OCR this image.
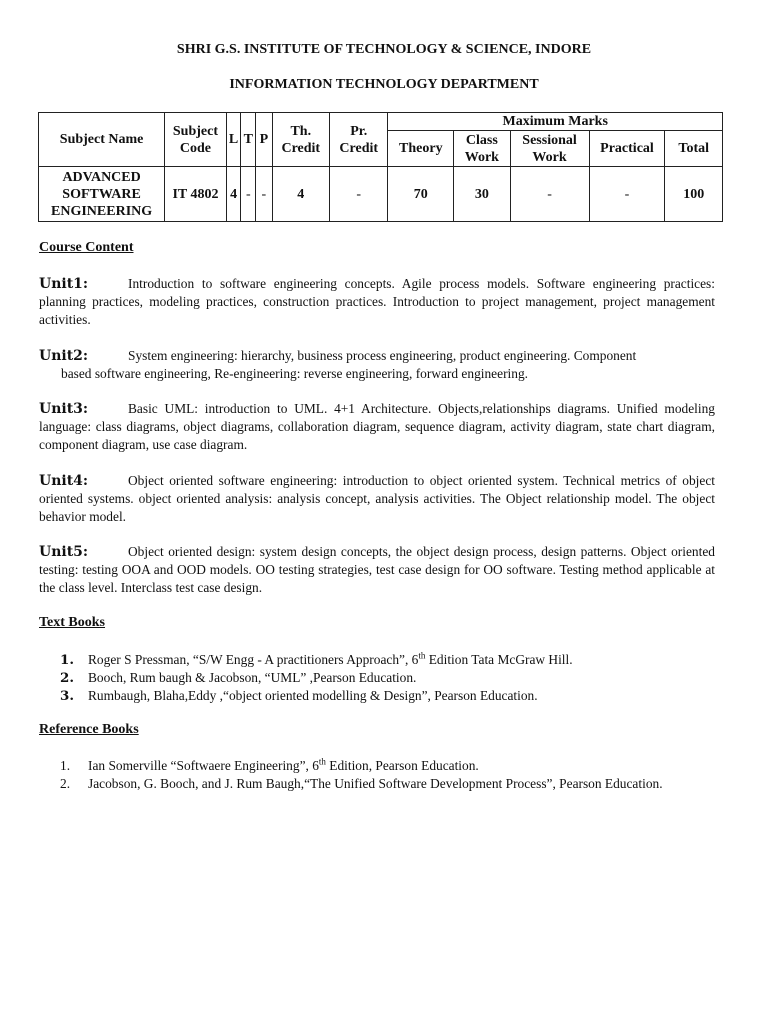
SHRI G.S. INSTITUTE OF TECHNOLOGY & SCIENCE, INDORE
INFORMATION TECHNOLOGY DEPARTMENT
Subject Name	Subject Code	L	T	P	Th. Credit	Pr. Credit	Maximum Marks				
							Theory	Class Work	Sessional Work	Practical	Total
ADVANCED SOFTWARE ENGINEERING	IT 4802	4	-	-	4	-	70	30	-	-	100
Course Content
Unit1:	Introduction to software engineering concepts. Agile process models. Software engineering practices: planning practices, modeling practices, construction practices. Introduction to project management, project management activities.
Unit2:	System engineering: hierarchy, business process engineering, product engineering. Component
based software engineering, Re-engineering: reverse engineering, forward engineering.
Unit3:	Basic UML: introduction to UML. 4+1 Architecture. Objects,relationships diagrams. Unified modeling language: class diagrams, object diagrams, collaboration diagram, sequence diagram, activity diagram, state chart diagram, component diagram, use case diagram.
Unit4:	Object oriented software engineering: introduction to object oriented system. Technical metrics of object oriented systems. object oriented analysis: analysis concept, analysis activities. The Object relationship model. The object behavior model.
Unit5:	Object oriented design: system design concepts, the object design process, design patterns. Object oriented testing: testing OOA and OOD models. OO testing strategies, test case design for OO software. Testing method applicable at the class level. Interclass test case design.
Text Books
1.	Roger S Pressman, “S/W Engg - A practitioners Approach”, 6th Edition Tata McGraw Hill.
2.	Booch, Rum baugh & Jacobson, “UML” ,Pearson Education.
3.	Rumbaugh, Blaha,Eddy ,“object oriented modelling & Design”, Pearson Education.
Reference Books
1.	Ian Somerville “Softwaere Engineering”, 6th Edition, Pearson Education.
2.	Jacobson, G. Booch, and J. Rum Baugh,“The Unified Software Development Process”, Pearson Education.
